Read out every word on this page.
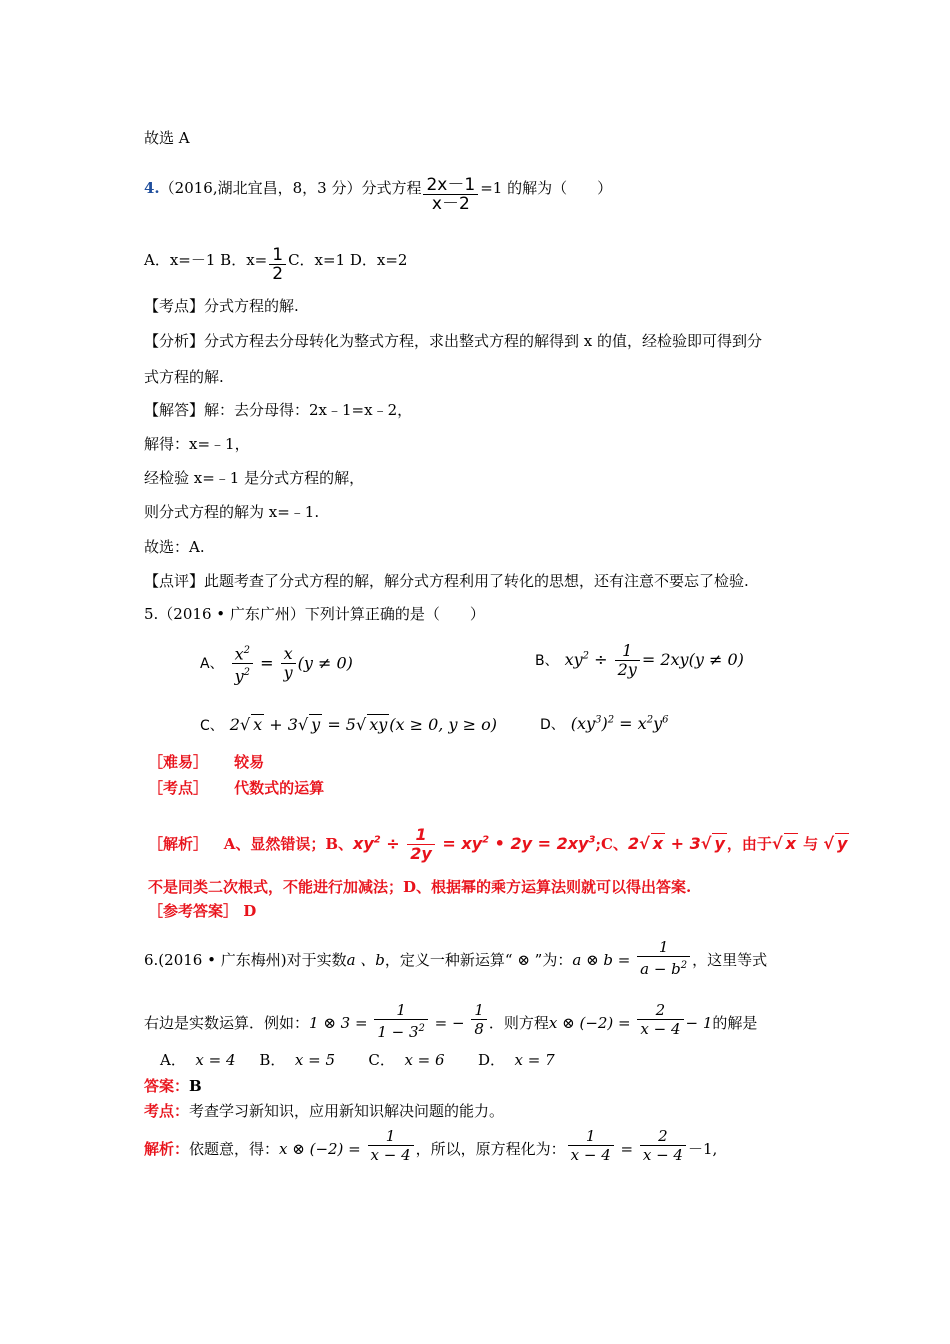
故选 A
4.（2016,湖北宜昌，8，3 分）分式方程 $\frac{2x-1}{x-2} =1$ 的解为（　　）
A．x=－1 B．$x= \frac{1}{2}$ C．x=1 D．x=2
【考点】分式方程的解.
【分析】分式方程去分母转化为整式方程，求出整式方程的解得到 x 的值，经检验即可得到分
式方程的解.
【解答】解：去分母得：2x﹣1=x﹣2，
解得：x=﹣1，
经检验 x=﹣1 是分式方程的解，
则分式方程的解为 x=﹣1.
故选：A.
【点评】此题考查了分式方程的解，解分式方程利用了转化的思想，还有注意不要忘了检验.
5.（2016 • 广东广州）下列计算正确的是（　　）
A、 $\frac{x^2}{y^2} = \frac{x}{y} (y \ne 0)$	B、 $xy^2 \div \frac{1}{2y} = 2xy(y \ne 0)$
C、 2√ x + 3√ y = 5√ xy (x ≥ 0, y ≥ o)	D、 $(xy^3)^2 = x^2y^6$
［难易］ 较易
［考点］ 代数式的运算
［解析］ A、显然错误；B、$xy^2 \div \frac{1}{2y} = xy^2$ • $2y = 2xy^3;C$、2√ x + 3√ y ，由于√ x 与 √ y
不是同类二次根式，不能进行加减法；D、根据幂的乘方运算法则就可以得出答案.
［参考答案］ D
6.(2016 • 广东梅州)对于实数a 、b，定义一种新运算“ ⊗ ”为：a ⊗ $b = \frac{1}{a - b^2}$ ，这里等式
右边是实数运算．例如：1 ⊗ $3 = \frac{1}{1 - 3^2}$ = − $\frac{1}{8}$ ．则方程x ⊗ $(-2) = \frac{2}{x - 4} - 1$的解是
A． x = 4 B． x = 5 C． x = 6 D． x = 7
答案：B
考点：考查学习新知识，应用新知识解决问题的能力。
解析：依题意，得：x ⊗ $(-2) = \frac{1}{x - 4}$ ，所以，原方程化为： $\frac{1}{x - 4} = \frac{2}{x - 4} -1$,
